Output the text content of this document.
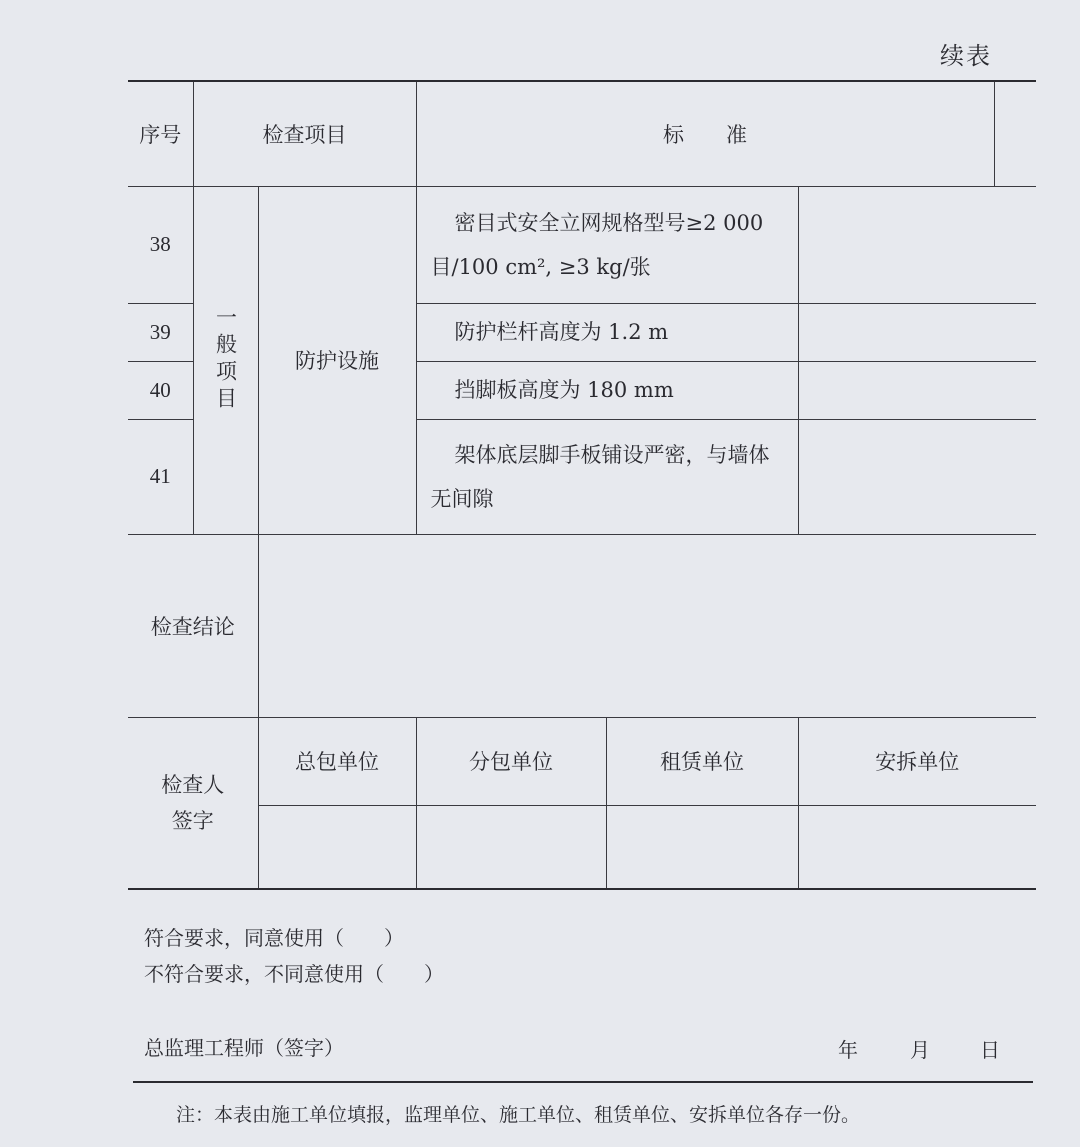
续表
序号	检查项目		标　　准	
38	一般项目	防护设施	密目式安全立网规格型号≥2 000 目/100 cm², ≥3 kg/张		
39			防护栏杆高度为 1.2 m		
40			挡脚板高度为 180 mm		
41			架体底层脚手板铺设严密，与墙体无间隙		
检查结论					

检查人签字		总包单位	分包单位	租赁单位	安拆单位

符合要求，同意使用（　　）
不符合要求，不同意使用（　　）
总监理工程师（签字）	年	月	日
注：本表由施工单位填报，监理单位、施工单位、租赁单位、安拆单位各存一份。
